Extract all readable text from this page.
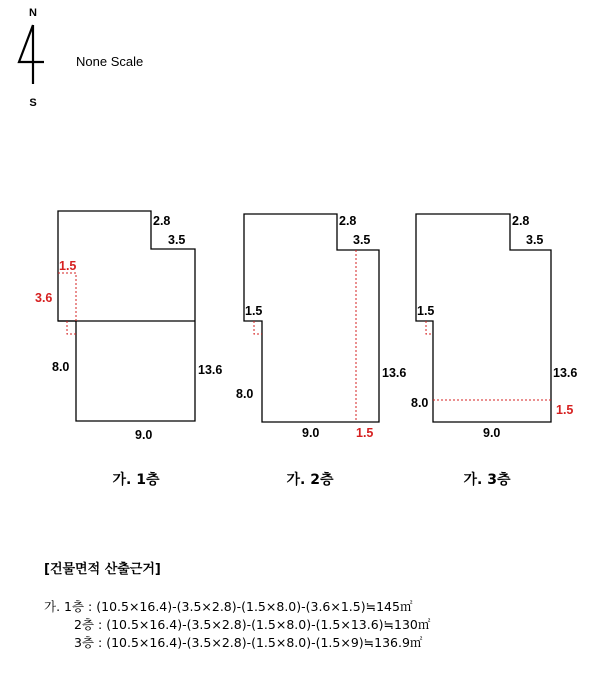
N
S
None Scale
2.8
3.5
1.5
3.6
8.0	13.6
9.0
가. 1층
2.8
3.5
1.5
8.0
13.6
9.0	1.5
가. 2층
2.8
3.5
1.5
8.0
13.6
9.0
1.5
가. 3층
[건물면적 산출근거]
가. 1층 : (10.5×16.4)-(3.5×2.8)-(1.5×8.0)-(3.6×1.5)≒145㎡
2층 : (10.5×16.4)-(3.5×2.8)-(1.5×8.0)-(1.5×13.6)≒130㎡
3층 : (10.5×16.4)-(3.5×2.8)-(1.5×8.0)-(1.5×9)≒136.9㎡
